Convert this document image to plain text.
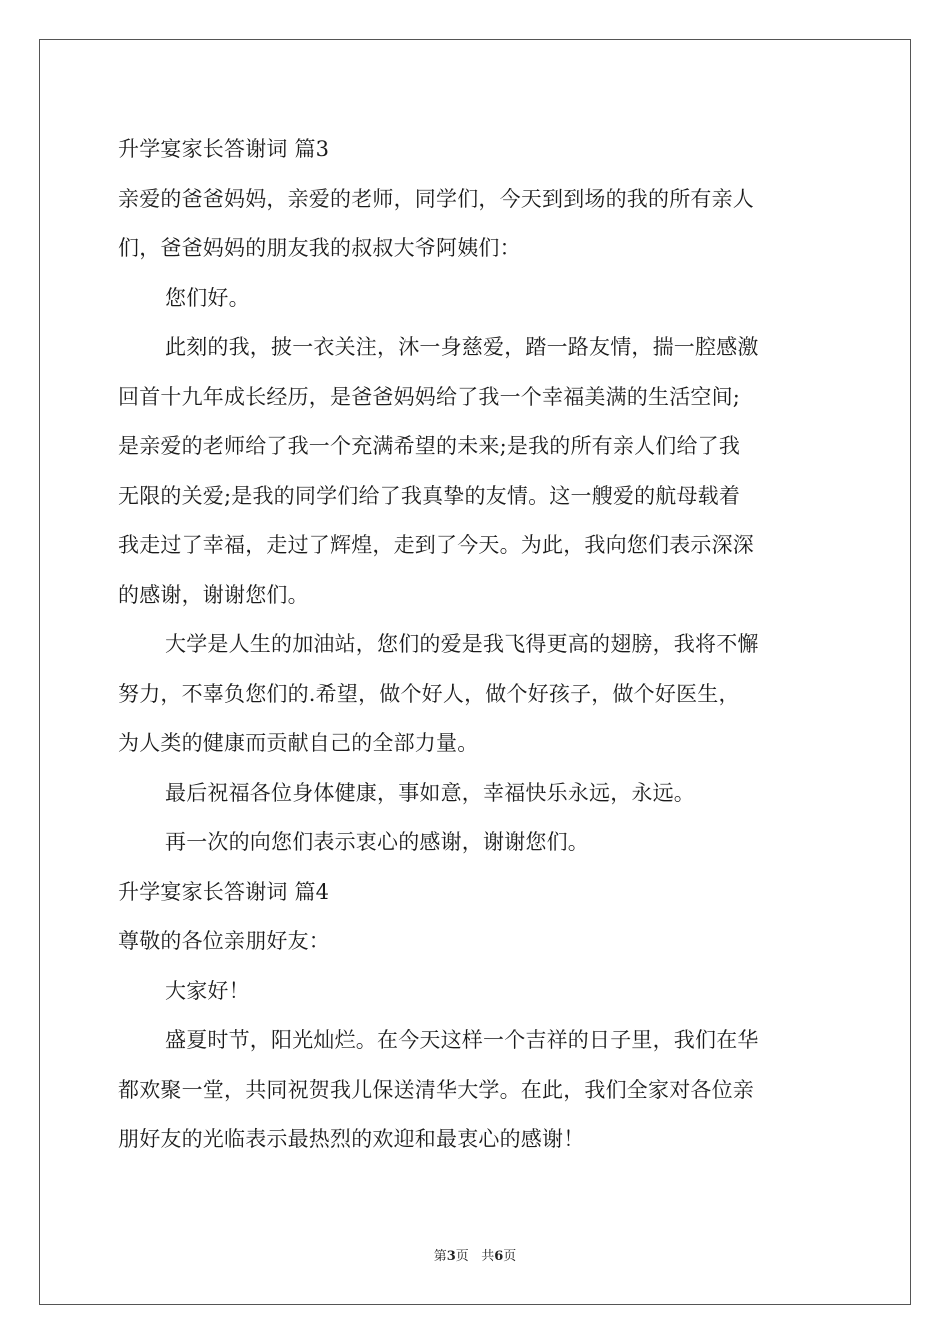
升学宴家长答谢词 篇3
亲爱的爸爸妈妈，亲爱的老师，同学们，今天到到场的我的所有亲人
们，爸爸妈妈的朋友我的叔叔大爷阿姨们：
您们好。
此刻的我，披一衣关注，沐一身慈爱，踏一路友情，揣一腔感激
回首十九年成长经历，是爸爸妈妈给了我一个幸福美满的生活空间;
是亲爱的老师给了我一个充满希望的未来;是我的所有亲人们给了我
无限的关爱;是我的同学们给了我真挚的友情。这一艘爱的航母载着
我走过了幸福，走过了辉煌，走到了今天。为此，我向您们表示深深
的感谢，谢谢您们。
大学是人生的加油站，您们的爱是我飞得更高的翅膀，我将不懈
努力，不辜负您们的.希望，做个好人，做个好孩子，做个好医生，
为人类的健康而贡献自己的全部力量。
最后祝福各位身体健康，事如意，幸福快乐永远，永远。
再一次的向您们表示衷心的感谢，谢谢您们。
升学宴家长答谢词 篇4
尊敬的各位亲朋好友：
大家好！
盛夏时节，阳光灿烂。在今天这样一个吉祥的日子里，我们在华
都欢聚一堂，共同祝贺我儿保送清华大学。在此，我们全家对各位亲
朋好友的光临表示最热烈的欢迎和最衷心的感谢！
第3页 共6页
